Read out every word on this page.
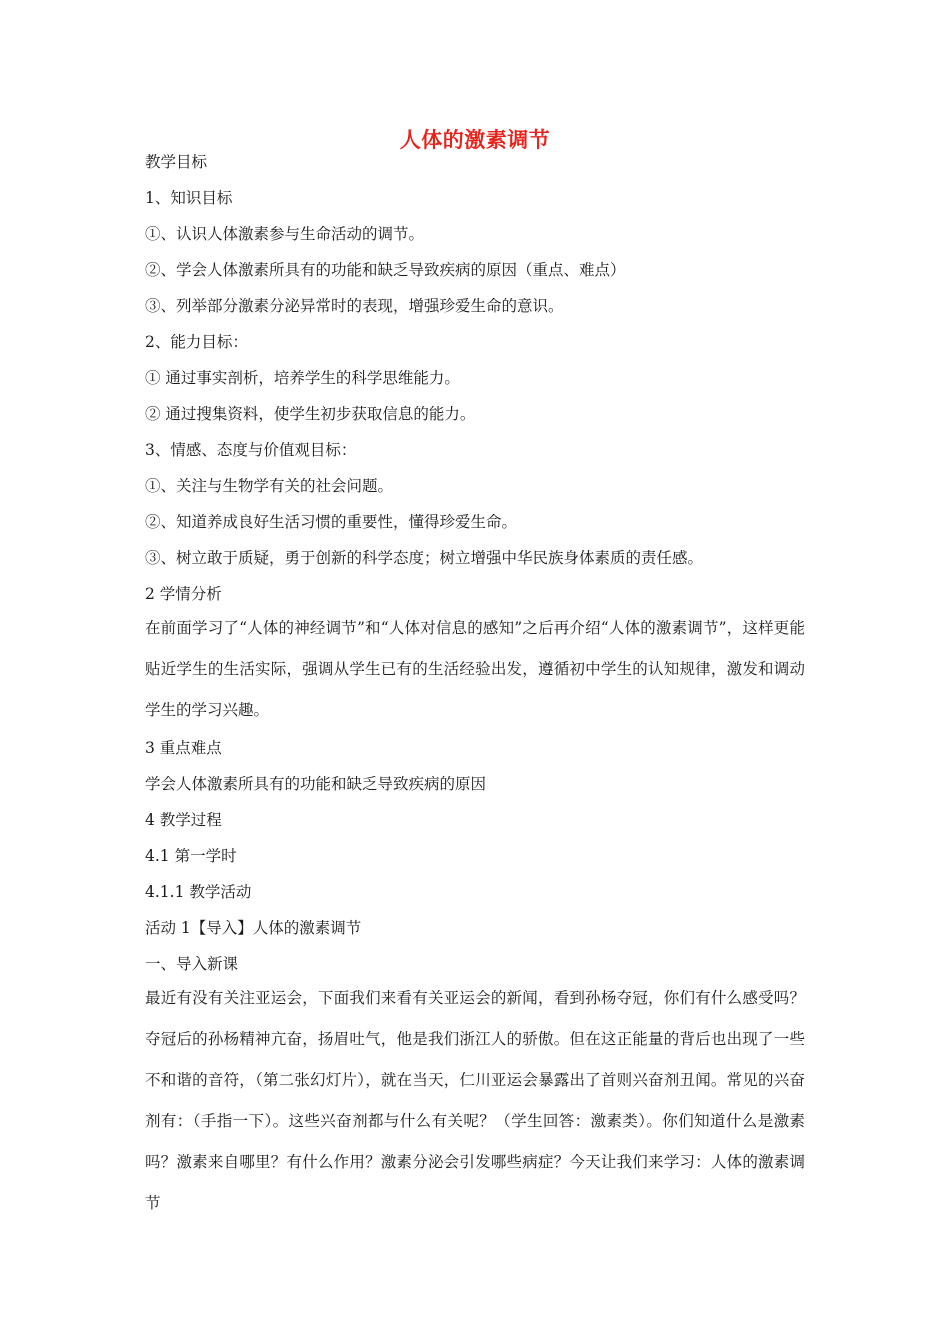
人体的激素调节
教学目标
1、知识目标
①、认识人体激素参与生命活动的调节。
②、学会人体激素所具有的功能和缺乏导致疾病的原因（重点、难点）
③、列举部分激素分泌异常时的表现，增强珍爱生命的意识。
2、能力目标：
① 通过事实剖析，培养学生的科学思维能力。
② 通过搜集资料，使学生初步获取信息的能力。
3、情感、态度与价值观目标：
①、关注与生物学有关的社会问题。
②、知道养成良好生活习惯的重要性，懂得珍爱生命。
③、树立敢于质疑，勇于创新的科学态度；树立增强中华民族身体素质的责任感。
2 学情分析
在前面学习了“人体的神经调节”和“人体对信息的感知”之后再介绍“人体的激素调节”，这样更能贴近学生的生活实际，强调从学生已有的生活经验出发，遵循初中学生的认知规律，激发和调动学生的学习兴趣。
3 重点难点
学会人体激素所具有的功能和缺乏导致疾病的原因
4 教学过程
4.1 第一学时
4.1.1 教学活动
活动 1【导入】人体的激素调节
一、导入新课
最近有没有关注亚运会，下面我们来看有关亚运会的新闻，看到孙杨夺冠，你们有什么感受吗？夺冠后的孙杨精神亢奋，扬眉吐气，他是我们浙江人的骄傲。但在这正能量的背后也出现了一些不和谐的音符，（第二张幻灯片），就在当天，仁川亚运会暴露出了首则兴奋剂丑闻。常见的兴奋剂有：（手指一下）。这些兴奋剂都与什么有关呢？（学生回答：激素类）。你们知道什么是激素吗？激素来自哪里？有什么作用？激素分泌会引发哪些病症？今天让我们来学习：人体的激素调节
